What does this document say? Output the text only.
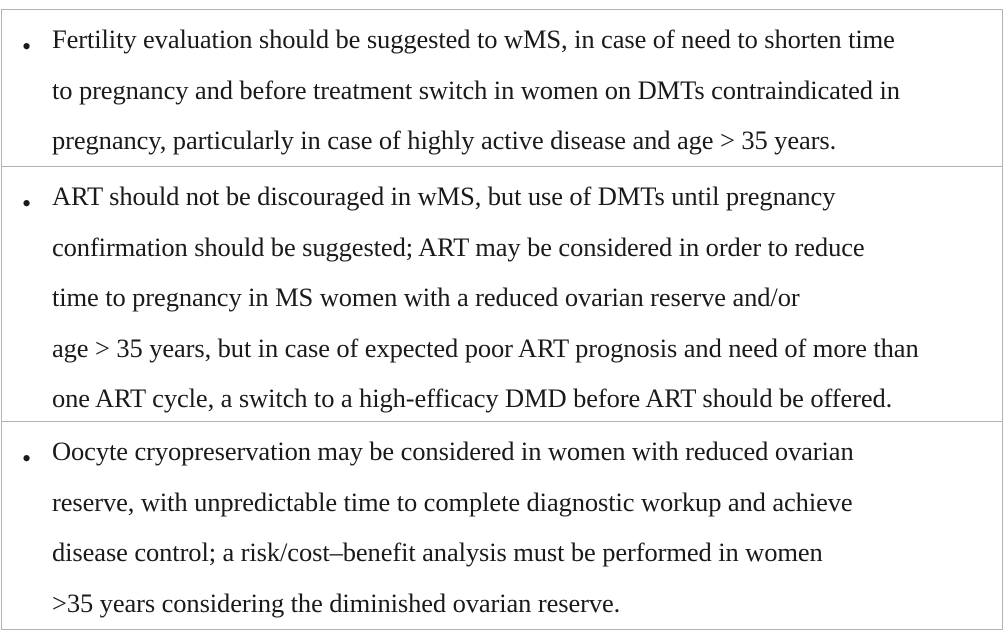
• Fertility evaluation should be suggested to wMS, in case of need to shorten time
to pregnancy and before treatment switch in women on DMTs contraindicated in
pregnancy, particularly in case of highly active disease and age > 35 years.
• ART should not be discouraged in wMS, but use of DMTs until pregnancy
confirmation should be suggested; ART may be considered in order to reduce
time to pregnancy in MS women with a reduced ovarian reserve and/or
age > 35 years, but in case of expected poor ART prognosis and need of more than
one ART cycle, a switch to a high-efficacy DMD before ART should be offered.
• Oocyte cryopreservation may be considered in women with reduced ovarian
reserve, with unpredictable time to complete diagnostic workup and achieve
disease control; a risk/cost–benefit analysis must be performed in women
>35 years considering the diminished ovarian reserve.
